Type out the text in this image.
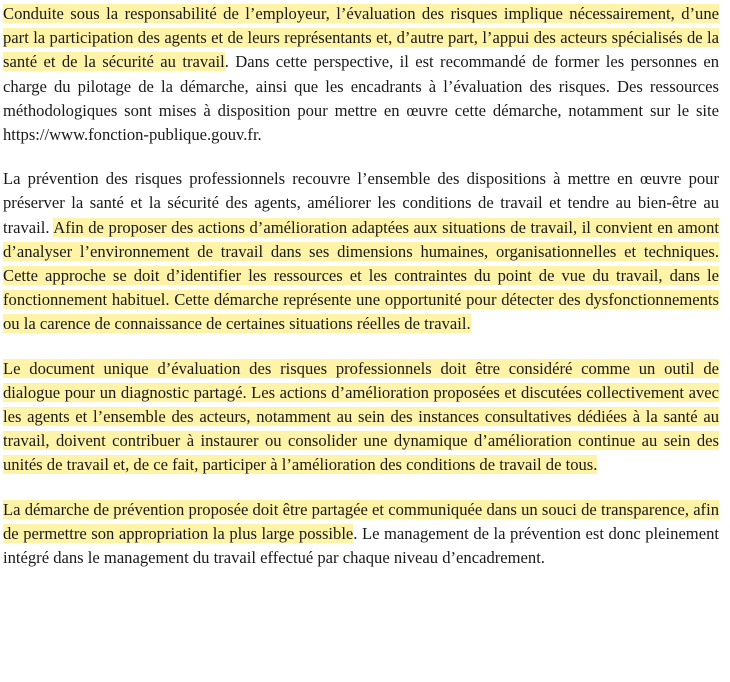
Conduite sous la responsabilité de l’employeur, l’évaluation des risques implique nécessairement, d’une part la participation des agents et de leurs représentants et, d’autre part, l’appui des acteurs spécialisés de la santé et de la sécurité au travail. Dans cette perspective, il est recommandé de former les personnes en charge du pilotage de la démarche, ainsi que les encadrants à l’évaluation des risques. Des ressources méthodologiques sont mises à disposition pour mettre en œuvre cette démarche, notamment sur le site https://www.fonction-publique.gouv.fr.

La prévention des risques professionnels recouvre l’ensemble des dispositions à mettre en œuvre pour préserver la santé et la sécurité des agents, améliorer les conditions de travail et tendre au bien-être au travail. Afin de proposer des actions d’amélioration adaptées aux situations de travail, il convient en amont d’analyser l’environnement de travail dans ses dimensions humaines, organisationnelles et techniques. Cette approche se doit d’identifier les ressources et les contraintes du point de vue du travail, dans le fonctionnement habituel. Cette démarche représente une opportunité pour détecter des dysfonctionnements ou la carence de connaissance de certaines situations réelles de travail.

Le document unique d’évaluation des risques professionnels doit être considéré comme un outil de dialogue pour un diagnostic partagé. Les actions d’amélioration proposées et discutées collectivement avec les agents et l’ensemble des acteurs, notamment au sein des instances consultatives dédiées à la santé au travail, doivent contribuer à instaurer ou consolider une dynamique d’amélioration continue au sein des unités de travail et, de ce fait, participer à l’amélioration des conditions de travail de tous.

La démarche de prévention proposée doit être partagée et communiquée dans un souci de transparence, afin de permettre son appropriation la plus large possible. Le management de la prévention est donc pleinement intégré dans le management du travail effectué par chaque niveau d’encadrement.
